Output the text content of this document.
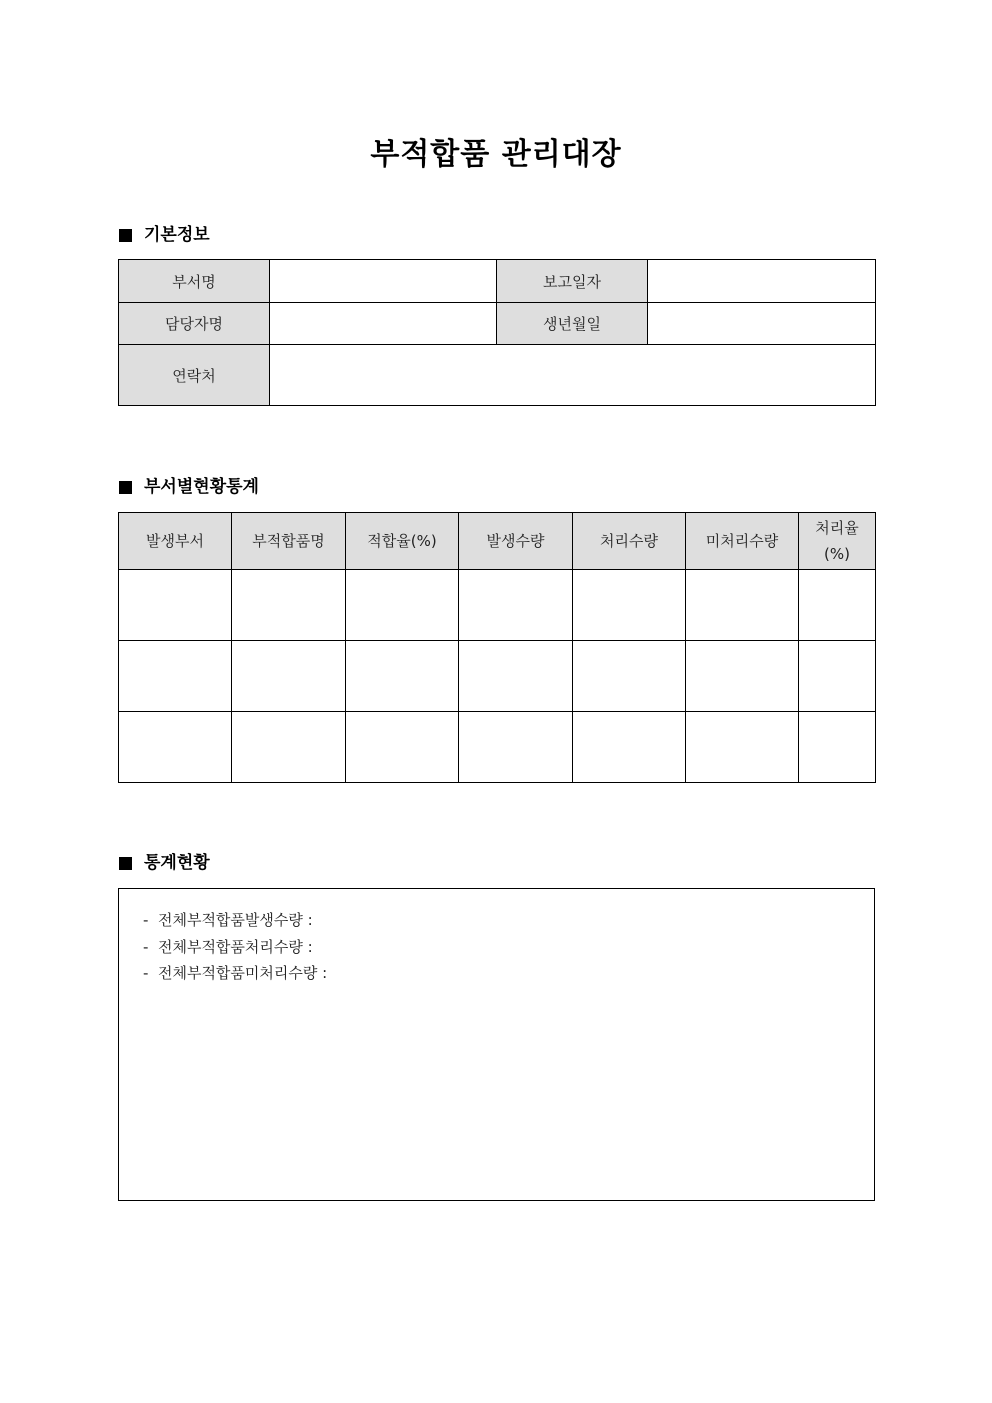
부적합품 관리대장
기본정보
부서명		보고일자	
담당자명		생년월일	
연락처			
부서별현황통계
발생부서	부적합품명	적합율(%)	발생수량	처리수량	미처리수량	처리율(%)

통계현황
- 전체부적합품발생수량 :
- 전체부적합품처리수량 :
- 전체부적합품미처리수량 :
